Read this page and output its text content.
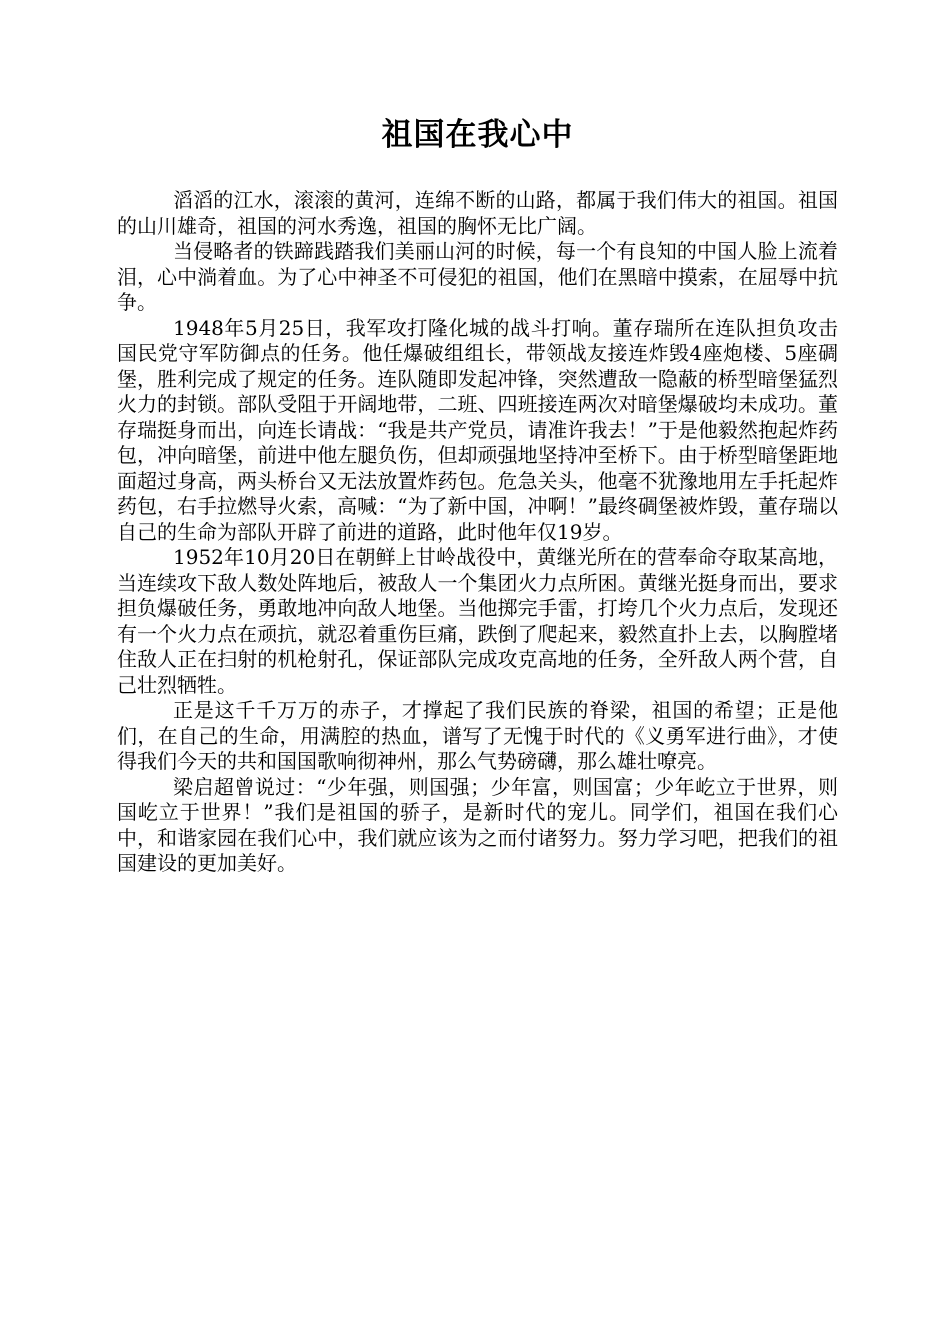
祖国在我心中

滔滔的江水，滚滚的黄河，连绵不断的山路，都属于我们伟大的祖国。祖国的山川雄奇，祖国的河水秀逸，祖国的胸怀无比广阔。

当侵略者的铁蹄践踏我们美丽山河的时候，每一个有良知的中国人脸上流着泪，心中淌着血。为了心中神圣不可侵犯的祖国，他们在黑暗中摸索，在屈辱中抗争。

1948年5月25日，我军攻打隆化城的战斗打响。董存瑞所在连队担负攻击国民党守军防御点的任务。他任爆破组组长，带领战友接连炸毁4座炮楼、5座碉堡，胜利完成了规定的任务。连队随即发起冲锋，突然遭敌一隐蔽的桥型暗堡猛烈火力的封锁。部队受阻于开阔地带，二班、四班接连两次对暗堡爆破均未成功。董存瑞挺身而出，向连长请战：“我是共产党员，请准许我去！”于是他毅然抱起炸药包，冲向暗堡，前进中他左腿负伤，但却顽强地坚持冲至桥下。由于桥型暗堡距地面超过身高，两头桥台又无法放置炸药包。危急关头，他毫不犹豫地用左手托起炸药包，右手拉燃导火索，高喊：“为了新中国，冲啊！”最终碉堡被炸毁，董存瑞以自己的生命为部队开辟了前进的道路，此时他年仅19岁。

1952年10月20日在朝鲜上甘岭战役中，黄继光所在的营奉命夺取某高地，当连续攻下敌人数处阵地后，被敌人一个集团火力点所困。黄继光挺身而出，要求担负爆破任务，勇敢地冲向敌人地堡。当他掷完手雷，打垮几个火力点后，发现还有一个火力点在顽抗，就忍着重伤巨痛，跌倒了爬起来，毅然直扑上去，以胸膛堵住敌人正在扫射的机枪射孔，保证部队完成攻克高地的任务，全歼敌人两个营，自己壮烈牺牲。

正是这千千万万的赤子，才撑起了我们民族的脊梁，祖国的希望；正是他们，在自己的生命，用满腔的热血，谱写了无愧于时代的《义勇军进行曲》，才使得我们今天的共和国国歌响彻神州，那么气势磅礴，那么雄壮嘹亮。

梁启超曾说过：“少年强，则国强；少年富，则国富；少年屹立于世界，则国屹立于世界！”我们是祖国的骄子，是新时代的宠儿。同学们，祖国在我们心中，和谐家园在我们心中，我们就应该为之而付诸努力。努力学习吧，把我们的祖国建设的更加美好。
